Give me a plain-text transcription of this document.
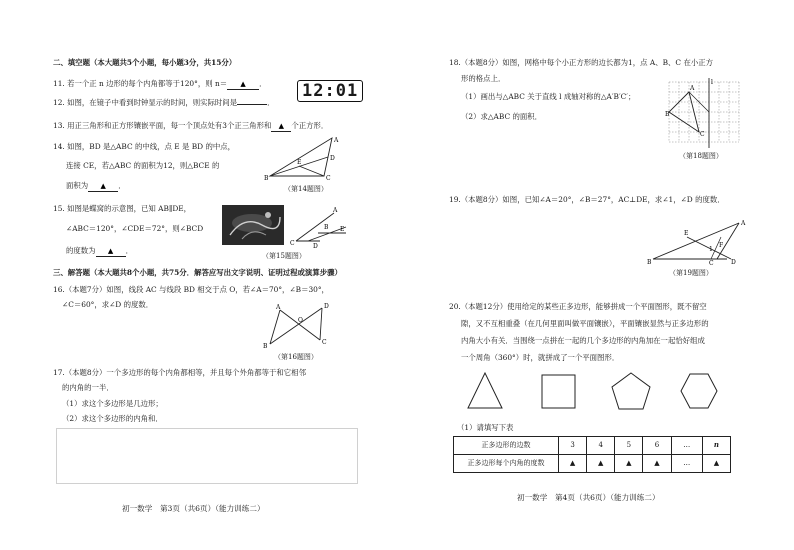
二、填空题（本大题共5个小题，每小题3分，共15分）
11. 若一个正 n 边形的每个内角都等于120°，则 n＝ ▲ ． 12:01
12. 如图，在镜子中看到时钟显示的时间，则实际时间是	．
13. 用正三角形和正方形镶嵌平面，每一个顶点处有3个正三角形和 ▲ 个正方形．
14. 如图，BD 是△ABC 的中线，点 E 是 BD 的中点，
连接 CE，若△ABC 的面积为12，则△BCE 的
面积为 ▲ ．
A
B	C
D
E
（第14题图）
15. 如图是蝶窝的示意图，已知 AB∥DE，
∠ABC＝120°，∠CDE＝72°，则∠BCD
的度数为 ▲ ．
A
B
C	D
E
（第15题图）
三、解答题（本大题共8个小题，共75分．解答应写出文字说明、证明过程或演算步骤）
16.（本题7分）如图，线段 AC 与线段 BD 相交于点 O，若∠A＝70°，∠B＝30°，
∠C＝60°，求∠D 的度数．	A	D
O
B
C
（第16题图）
17.（本题8分）一个多边形的每个内角都相等，并且每个外角都等于和它相邻
的内角的一半．
（1）求这个多边形是几边形；
（2）求这个多边形的内角和．
初一数学　第3页（共6页）（能力训练二）
18.（本题8分）如图，网格中每个小正方形的边长都为1，点 A、B、C 在小正方
形的格点上．
（1）画出与△ABC 关于直线 l 成轴对称的△A′B′C′；
（2）求△ABC 的面积．
l
A
B
C
（第18题图）
19.（本题8分）如图，已知∠A＝20°，∠B＝27°，AC⊥DE，求∠1，∠D 的度数．
A
B	C	D
E
F
1
（第19题图）
20.（本题12分）使用给定的某些正多边形，能够拼成一个平面图形，既不留空
隙，又不互相重叠（在几何里面叫做平面镶嵌），平面镶嵌显然与正多边形的
内角大小有关．当围绕一点拼在一起的几个多边形的内角加在一起恰好组成
一个周角（360°）时，就拼成了一个平面图形．
（1）请填写下表
正多边形的边数	3	4	5	6	…	n
正多边形每个内角的度数	▲	▲	▲	▲	…	▲
初一数学　第4页（共6页）（能力训练二）
